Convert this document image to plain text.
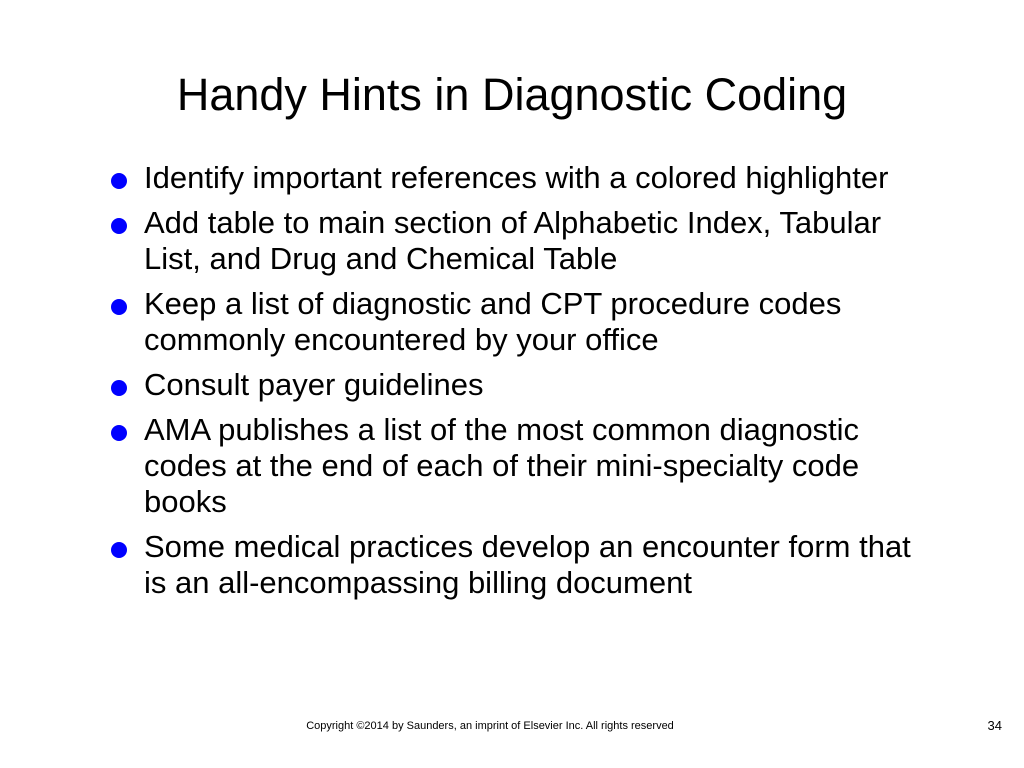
Handy Hints in Diagnostic Coding
Identify important references with a colored highlighter
Add table to main section of Alphabetic Index, Tabular List, and Drug and Chemical Table
Keep a list of diagnostic and CPT procedure codes commonly encountered by your office
Consult payer guidelines
AMA publishes a list of the most common diagnostic codes at the end of each of their mini-specialty code books
Some medical practices develop an encounter form that is an all-encompassing billing document
Copyright ©2014 by Saunders, an imprint of Elsevier Inc. All rights reserved	34
